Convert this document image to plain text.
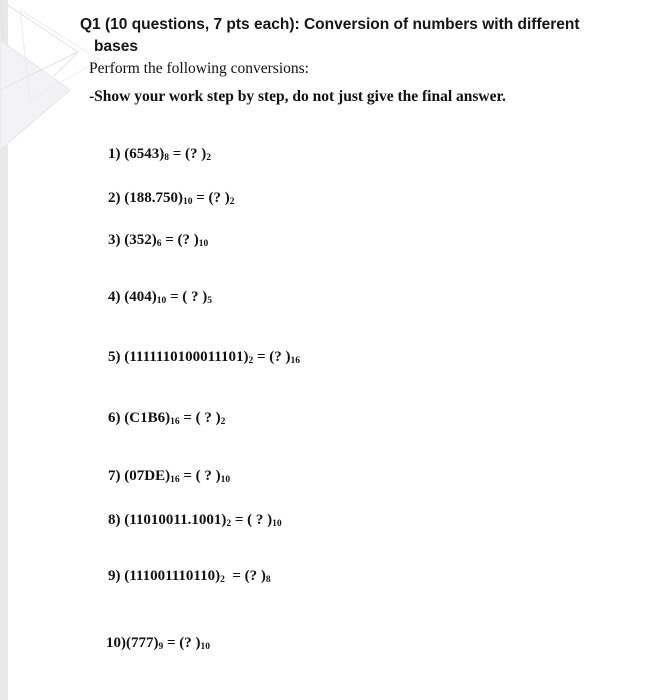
Q1 (10 questions, 7 pts each): Conversion of numbers with different
bases
Perform the following conversions:
-Show your work step by step, do not just give the final answer.
1) $(6543)_8$ = (? )$_2$
2) $(188.750)_{10}$ = (? )$_2$
3) $(352)_6$ = (? )$_{10}$
4) $(404)_{10}$ = ( ? )$_5$
5) $(1111110100011101)_2$ = (? )$_{16}$
6) $(C1B6)_{16}$ = ( ? )$_2$
7) $(07DE)_{16}$ = ( ? )$_{10}$
8) $(11010011.1001)_2$ = ( ? )$_{10}$
9) $(111001110110)_2$  = (? )$_8$
$10)(777)_9$ = (? )$_{10}$
